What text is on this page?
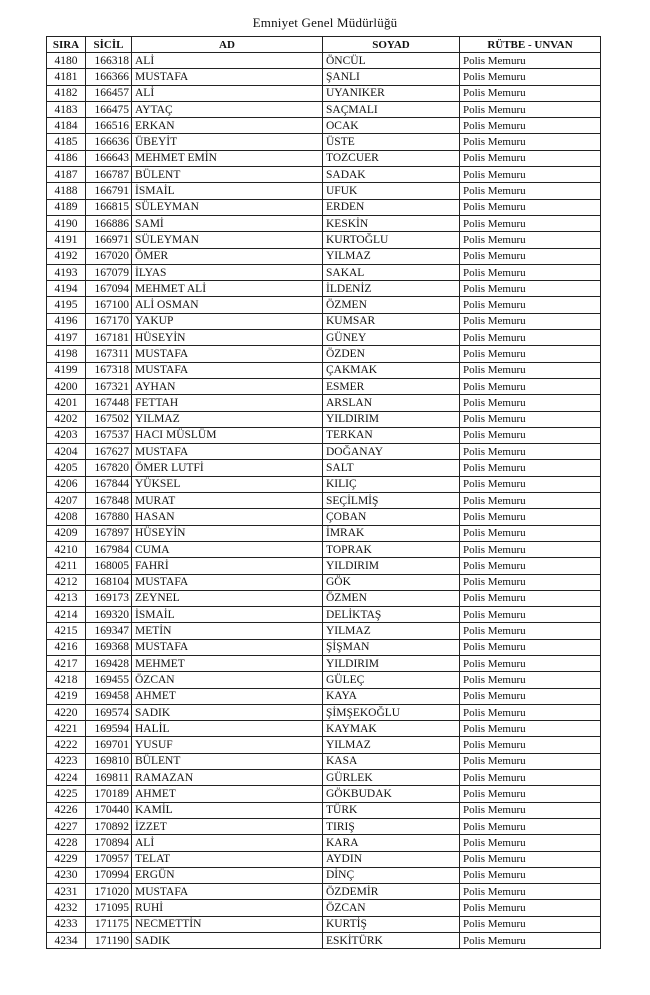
Emniyet Genel Müdürlüğü
SIRA	SİCİL	AD	SOYAD	RÜTBE - UNVAN
4180	166318	ALİ	ÖNCÜL	Polis Memuru
4181	166366	MUSTAFA	ŞANLI	Polis Memuru
4182	166457	ALİ	UYANIKER	Polis Memuru
4183	166475	AYTAÇ	SAÇMALI	Polis Memuru
4184	166516	ERKAN	OCAK	Polis Memuru
4185	166636	ÜBEYİT	ÜSTE	Polis Memuru
4186	166643	MEHMET EMİN	TOZCUER	Polis Memuru
4187	166787	BÜLENT	SADAK	Polis Memuru
4188	166791	İSMAİL	UFUK	Polis Memuru
4189	166815	SÜLEYMAN	ERDEN	Polis Memuru
4190	166886	SAMİ	KESKİN	Polis Memuru
4191	166971	SÜLEYMAN	KURTOĞLU	Polis Memuru
4192	167020	ÖMER	YILMAZ	Polis Memuru
4193	167079	İLYAS	SAKAL	Polis Memuru
4194	167094	MEHMET ALİ	İLDENİZ	Polis Memuru
4195	167100	ALİ OSMAN	ÖZMEN	Polis Memuru
4196	167170	YAKUP	KUMSAR	Polis Memuru
4197	167181	HÜSEYİN	GÜNEY	Polis Memuru
4198	167311	MUSTAFA	ÖZDEN	Polis Memuru
4199	167318	MUSTAFA	ÇAKMAK	Polis Memuru
4200	167321	AYHAN	ESMER	Polis Memuru
4201	167448	FETTAH	ARSLAN	Polis Memuru
4202	167502	YILMAZ	YILDIRIM	Polis Memuru
4203	167537	HACI MÜSLÜM	TERKAN	Polis Memuru
4204	167627	MUSTAFA	DOĞANAY	Polis Memuru
4205	167820	ÖMER LUTFİ	SALT	Polis Memuru
4206	167844	YÜKSEL	KILIÇ	Polis Memuru
4207	167848	MURAT	SEÇİLMİŞ	Polis Memuru
4208	167880	HASAN	ÇOBAN	Polis Memuru
4209	167897	HÜSEYİN	İMRAK	Polis Memuru
4210	167984	CUMA	TOPRAK	Polis Memuru
4211	168005	FAHRİ	YILDIRIM	Polis Memuru
4212	168104	MUSTAFA	GÖK	Polis Memuru
4213	169173	ZEYNEL	ÖZMEN	Polis Memuru
4214	169320	İSMAİL	DELİKTAŞ	Polis Memuru
4215	169347	METİN	YILMAZ	Polis Memuru
4216	169368	MUSTAFA	ŞİŞMAN	Polis Memuru
4217	169428	MEHMET	YILDIRIM	Polis Memuru
4218	169455	ÖZCAN	GÜLEÇ	Polis Memuru
4219	169458	AHMET	KAYA	Polis Memuru
4220	169574	SADIK	ŞİMŞEKOĞLU	Polis Memuru
4221	169594	HALİL	KAYMAK	Polis Memuru
4222	169701	YUSUF	YILMAZ	Polis Memuru
4223	169810	BÜLENT	KASA	Polis Memuru
4224	169811	RAMAZAN	GÜRLEK	Polis Memuru
4225	170189	AHMET	GÖKBUDAK	Polis Memuru
4226	170440	KAMİL	TÜRK	Polis Memuru
4227	170892	İZZET	TIRIŞ	Polis Memuru
4228	170894	ALİ	KARA	Polis Memuru
4229	170957	TELAT	AYDIN	Polis Memuru
4230	170994	ERGÜN	DİNÇ	Polis Memuru
4231	171020	MUSTAFA	ÖZDEMİR	Polis Memuru
4232	171095	RUHİ	ÖZCAN	Polis Memuru
4233	171175	NECMETTİN	KURTİŞ	Polis Memuru
4234	171190	SADIK	ESKİTÜRK	Polis Memuru
